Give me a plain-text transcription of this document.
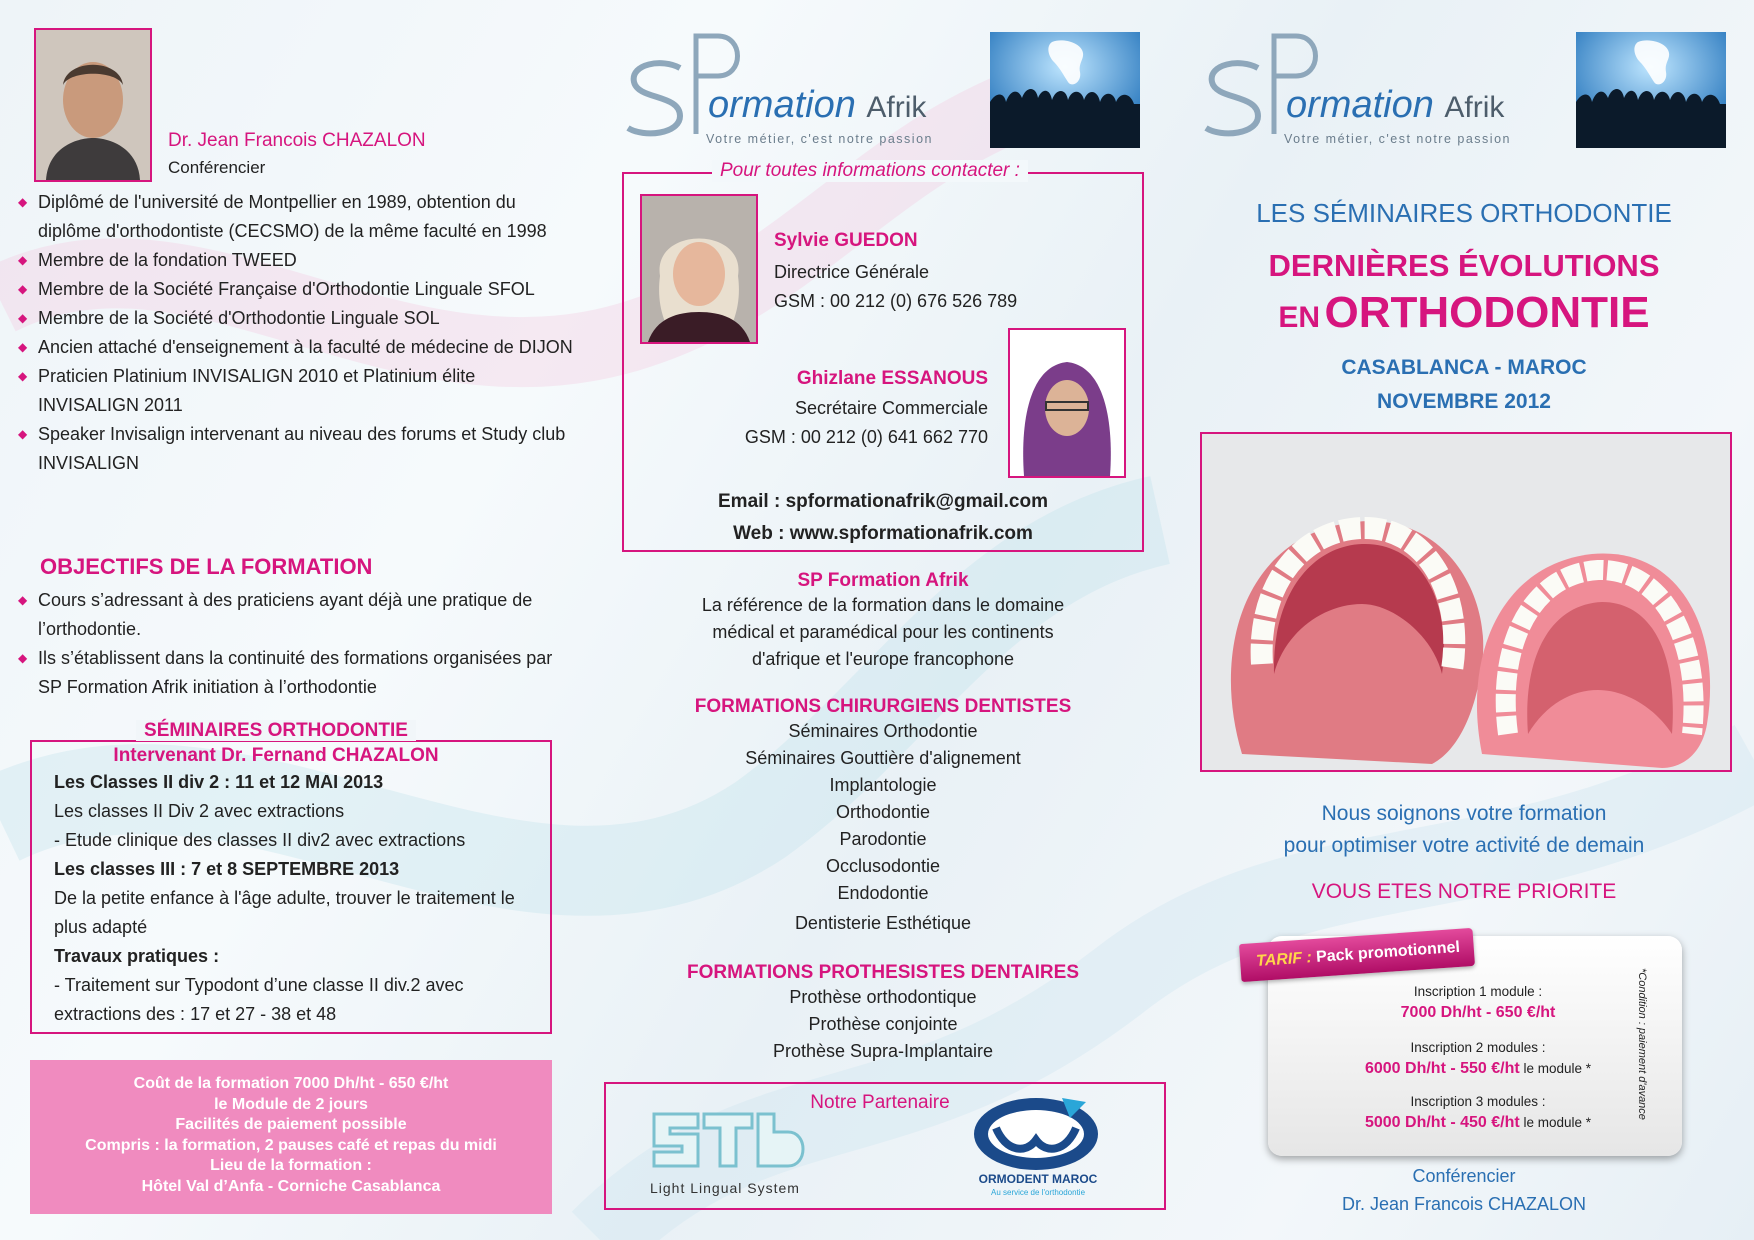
Dr. Jean Francois CHAZALON
Conférencier
◆ Diplômé de l'université de Montpellier en 1989, obtention du diplôme d'orthodontiste (CECSMO) de la même faculté en 1998
◆ Membre de la fondation TWEED
◆ Membre de la Société Française d'Orthodontie Linguale SFOL
◆ Membre de la Société d'Orthodontie Linguale SOL
◆ Ancien attaché d'enseignement à la faculté de médecine de DIJON
◆ Praticien Platinium INVISALIGN 2010 et Platinium élite INVISALIGN 2011
◆ Speaker Invisalign intervenant au niveau des forums et Study club INVISALIGN
OBJECTIFS DE LA FORMATION
◆ Cours s’adressant à des praticiens ayant déjà une pratique de l’orthodontie.
◆ Ils s’établissent dans la continuité des formations organisées par SP Formation Afrik initiation à l’orthodontie
SÉMINAIRES ORTHODONTIE
Intervenant Dr. Fernand CHAZALON
Les Classes II div 2 : 11 et 12 MAI 2013
Les classes II Div 2 avec extractions
- Etude clinique des classes II div2 avec extractions
Les classes III : 7 et 8 SEPTEMBRE 2013
De la petite enfance à l'âge adulte, trouver le traitement le
plus adapté
Travaux pratiques :
- Traitement sur Typodont d’une classe II div.2 avec
extractions des : 17 et 27 - 38 et 48
Coût de la formation 7000 Dh/ht - 650 €/ht
le Module de 2 jours
Facilités de paiement possible
Compris : la formation, 2 pauses café et repas du midi
Lieu de la formation :
Hôtel Val d’Anfa - Corniche Casablanca
ormation Afrik
Votre métier, c'est notre passion
ormation Afrik
Votre métier, c'est notre passion
Pour toutes informations contacter :
Sylvie GUEDON
Directrice Générale
GSM : 00 212 (0) 676 526 789
Ghizlane ESSANOUS
Secrétaire Commerciale
GSM : 00 212 (0) 641 662 770
Email : spformationafrik@gmail.com
Web : www.spformationafrik.com
SP Formation Afrik
La référence de la formation dans le domaine
médical et paramédical pour les continents
d'afrique et l'europe francophone
FORMATIONS CHIRURGIENS DENTISTES
Séminaires Orthodontie
Séminaires Gouttière d'alignement
Implantologie
Orthodontie
Parodontie
Occlusodontie
Endodontie
Dentisterie Esthétique
FORMATIONS PROTHESISTES DENTAIRES
Prothèse orthodontique
Prothèse conjointe
Prothèse Supra-Implantaire
Notre Partenaire
Light Lingual System
ORMODENT MAROC
Au service de l'orthodontie
LES SÉMINAIRES ORTHODONTIE
DERNIÈRES ÉVOLUTIONS
EN ORTHODONTIE
CASABLANCA - MAROC
NOVEMBRE 2012
Nous soignons votre formation
pour optimiser votre activité de demain
VOUS ETES NOTRE PRIORITE
TARIF : Pack promotionnel
Inscription 1 module :
7000 Dh/ht - 650 €/ht
Inscription 2 modules :
6000 Dh/ht - 550 €/ht le module *
Inscription 3 modules :
5000 Dh/ht - 450 €/ht le module *
*Condition : paiement d'avance
Conférencier
Dr. Jean Francois CHAZALON
